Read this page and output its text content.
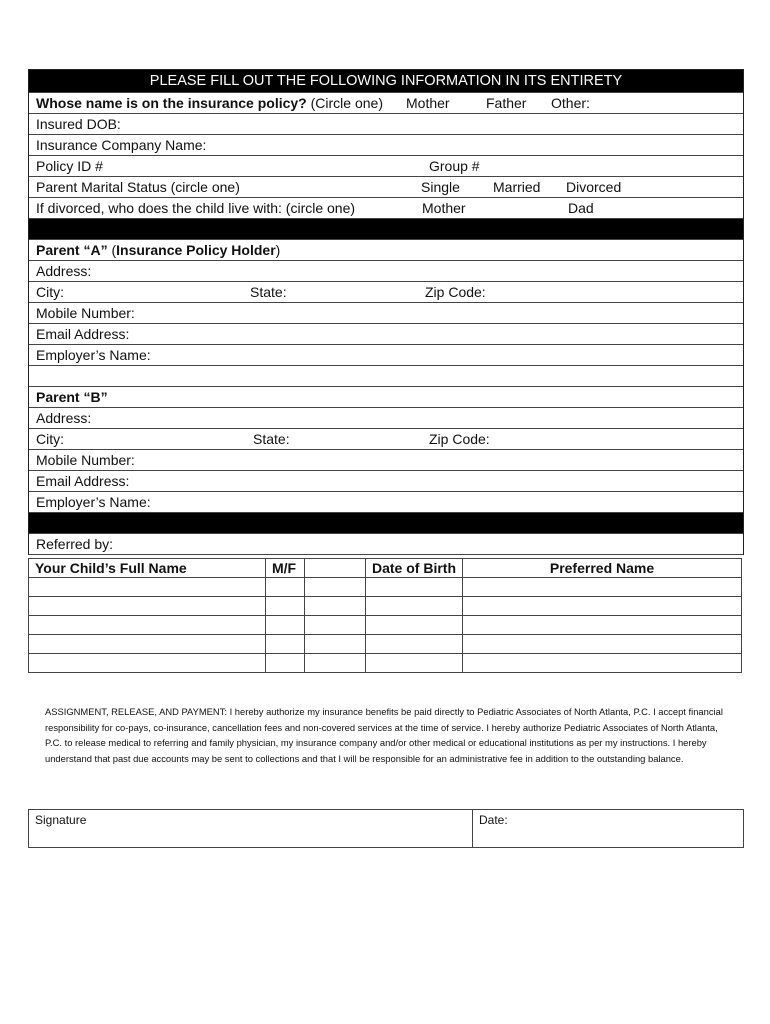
PLEASE FILL OUT THE FOLLOWING INFORMATION IN ITS ENTIRETY
Whose name is on the insurance policy? (Circle one) Mother	Father Other:
Insured DOB:
Insurance Company Name:
Policy ID #	Group #
Parent Marital Status (circle one)	Single Married Divorced
If divorced, who does the child live with: (circle one)	Mother	Dad
Parent “A” (Insurance Policy Holder)
Address:
City:	State:	Zip Code:
Mobile Number:
Email Address:
Employer’s Name:
Parent “B”
Address:
City:	State:	Zip Code:
Mobile Number:
Email Address:
Employer’s Name:
Referred by:
Your Child’s Full Name	M/F		Date of Birth	Preferred Name

ASSIGNMENT, RELEASE, AND PAYMENT: I hereby authorize my insurance benefits be paid directly to Pediatric Associates of North Atlanta, P.C. I accept financial responsibility for co-pays, co-insurance, cancellation fees and non-covered services at the time of service. I hereby authorize Pediatric Associates of North Atlanta, P.C. to release medical to referring and family physician, my insurance company and/or other medical or educational institutions as per my instructions. I hereby understand that past due accounts may be sent to collections and that I will be responsible for an administrative fee in addition to the outstanding balance.
Signature	Date:
